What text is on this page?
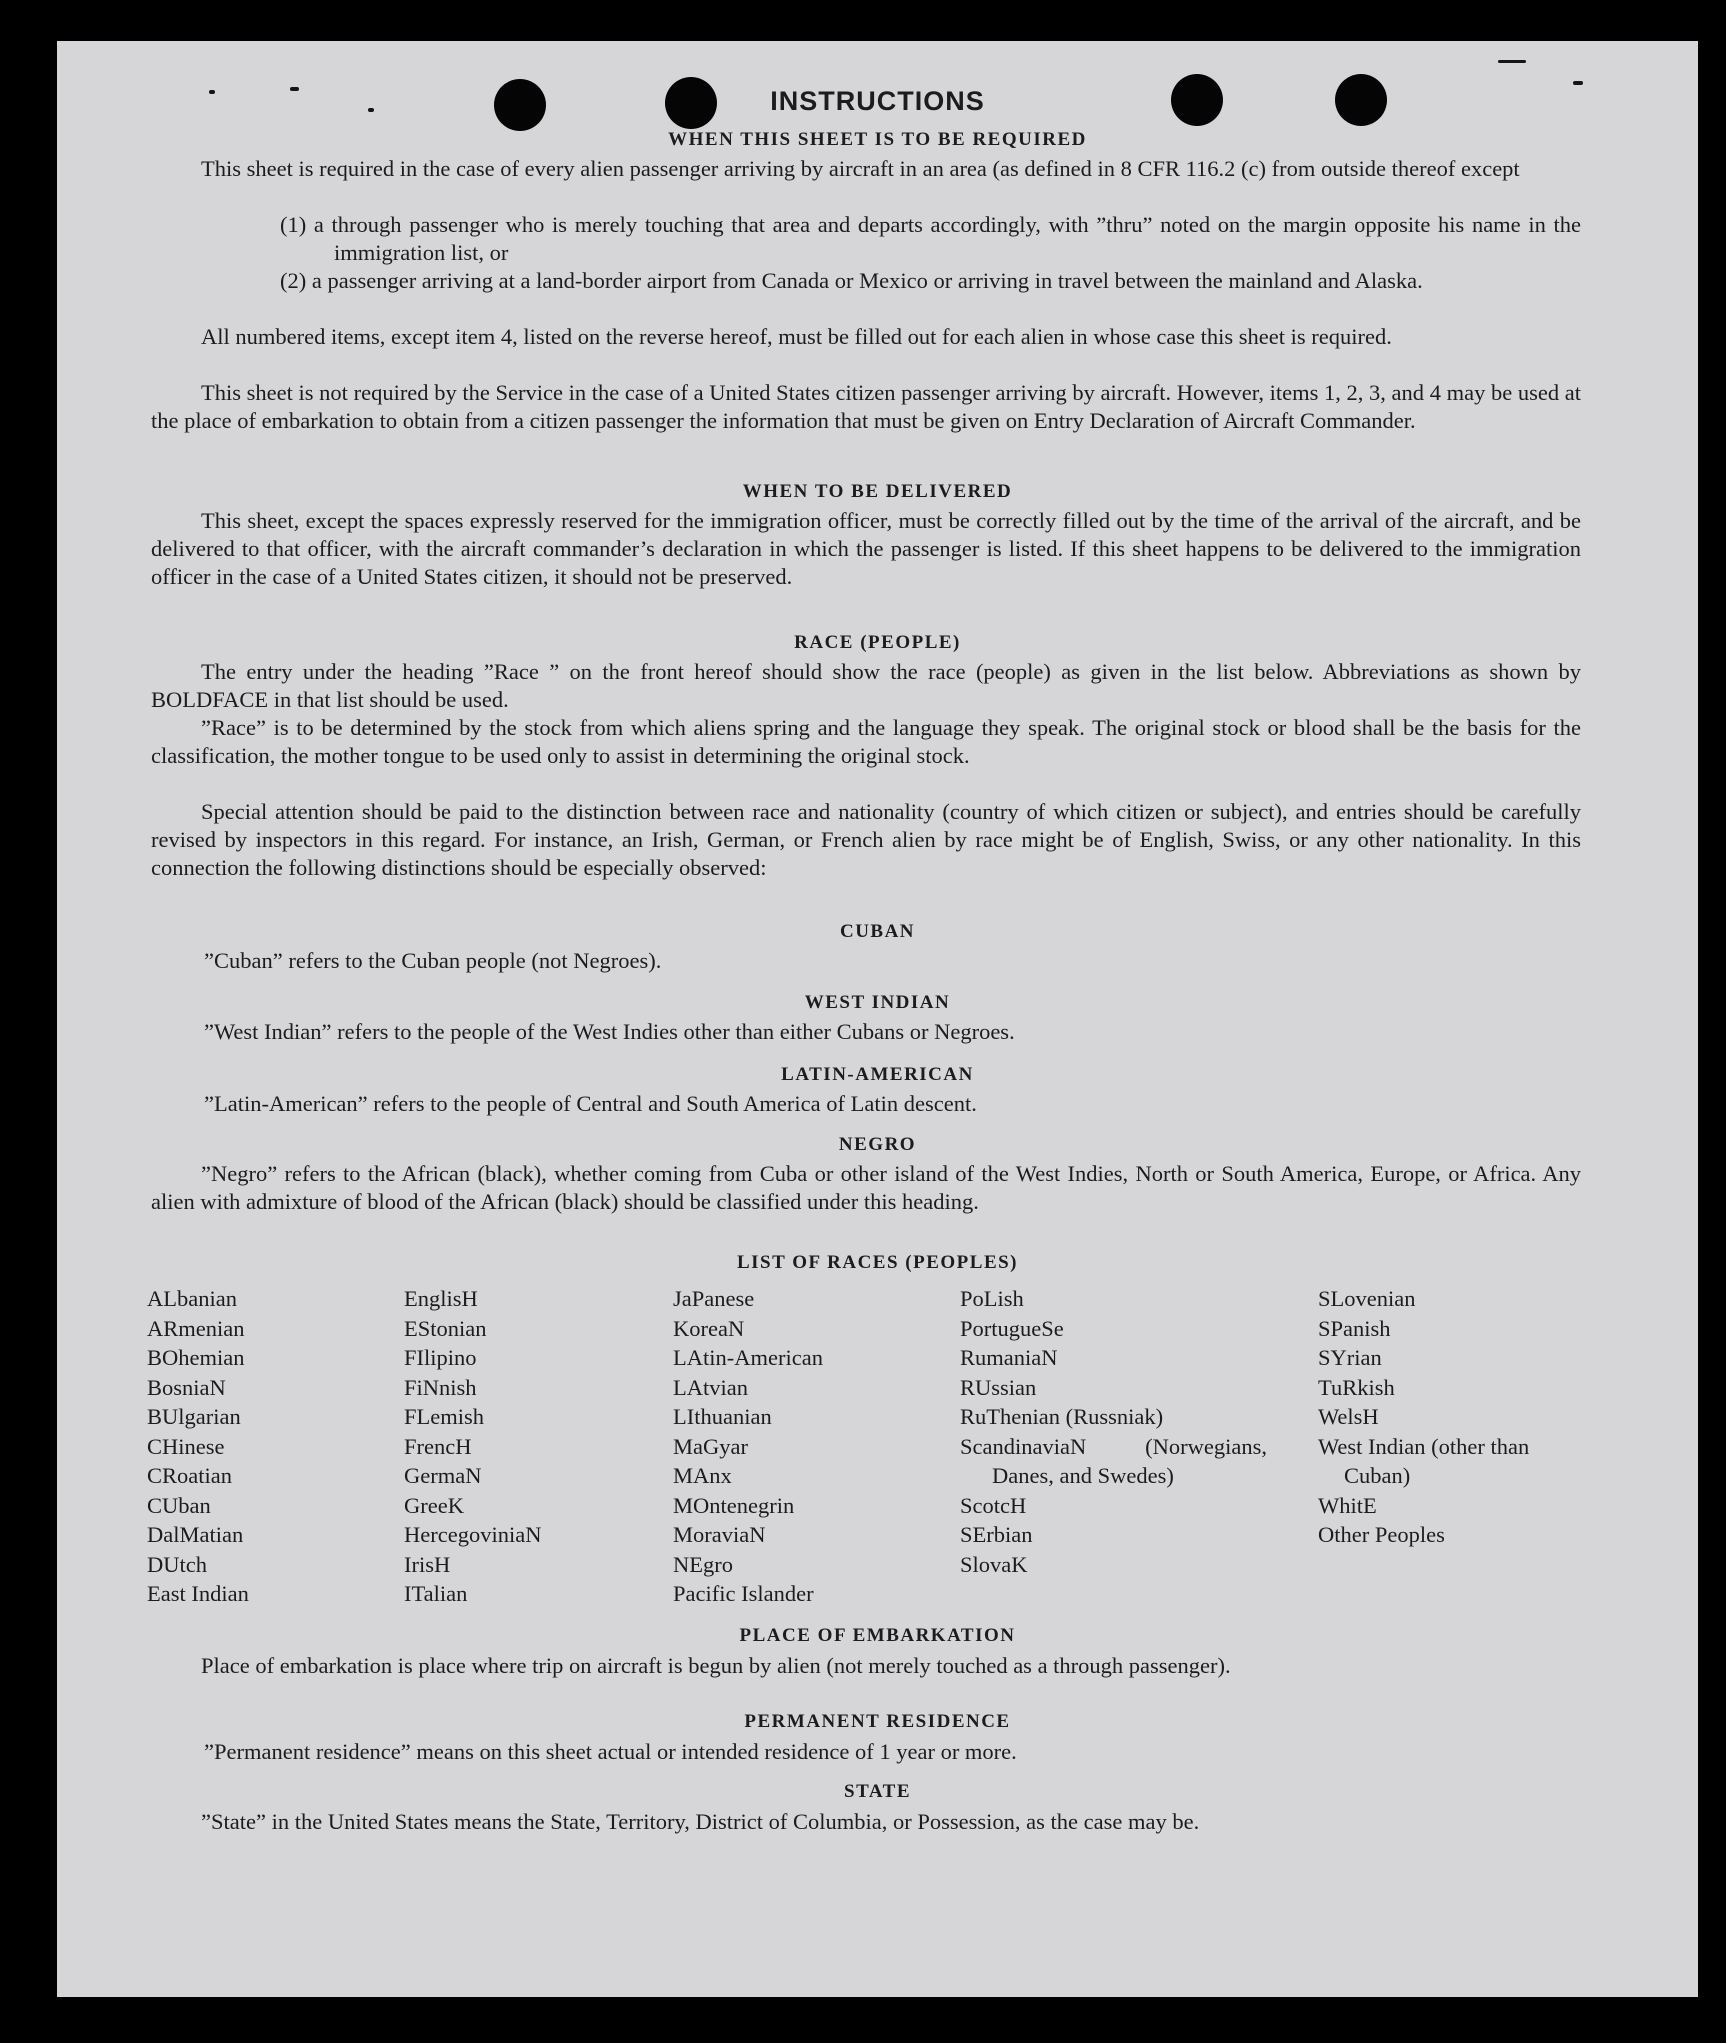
INSTRUCTIONS
WHEN THIS SHEET IS TO BE REQUIRED
This sheet is required in the case of every alien passenger arriving by aircraft in an area (as defined in 8 CFR 116.2 (c) from outside thereof except
(1) a through passenger who is merely touching that area and departs accordingly, with ”thru” noted on the margin opposite his name in the immigration list, or
(2) a passenger arriving at a land-border airport from Canada or Mexico or arriving in travel between the mainland and Alaska.
All numbered items, except item 4, listed on the reverse hereof, must be filled out for each alien in whose case this sheet is required.
This sheet is not required by the Service in the case of a United States citizen passenger arriving by aircraft. However, items 1, 2, 3, and 4 may be used at the place of embarkation to obtain from a citizen passenger the information that must be given on Entry Declaration of Aircraft Commander.
WHEN TO BE DELIVERED
This sheet, except the spaces expressly reserved for the immigration officer, must be correctly filled out by the time of the arrival of the aircraft, and be delivered to that officer, with the aircraft commander’s declaration in which the passenger is listed. If this sheet happens to be delivered to the immigration officer in the case of a United States citizen, it should not be preserved.
RACE (PEOPLE)
The entry under the heading ”Race ” on the front hereof should show the race (people) as given in the list below. Abbreviations as shown by BOLDFACE in that list should be used.
”Race” is to be determined by the stock from which aliens spring and the language they speak. The original stock or blood shall be the basis for the classification, the mother tongue to be used only to assist in determining the original stock.
Special attention should be paid to the distinction between race and nationality (country of which citizen or subject), and entries should be carefully revised by inspectors in this regard. For instance, an Irish, German, or French alien by race might be of English, Swiss, or any other nationality. In this connection the following distinctions should be especially observed:
CUBAN
”Cuban” refers to the Cuban people (not Negroes).
WEST INDIAN
”West Indian” refers to the people of the West Indies other than either Cubans or Negroes.
LATIN-AMERICAN
”Latin-American” refers to the people of Central and South America of Latin descent.
NEGRO
”Negro” refers to the African (black), whether coming from Cuba or other island of the West Indies, North or South America, Europe, or Africa. Any alien with admixture of blood of the African (black) should be classified under this heading.
LIST OF RACES (PEOPLES)
ALbanian
ARmenian
BOhemian
BosniaN
BUlgarian
CHinese
CRoatian
CUban
DalMatian
DUtch
East Indian
EnglisH
EStonian
FIlipino
FiNnish
FLemish
FrencH
GermaN
GreeK
HercegoviniaN
IrisH
ITalian
JaPanese
KoreaN
LAtin-American
LAtvian
LIthuanian
MaGyar
MAnx
MOntenegrin
MoraviaN
NEgro
Pacific Islander
PoLish
PortugueSe
RumaniaN
RUssian
RuThenian (Russniak)
ScandinaviaN (Norwegians, Danes, and Swedes)
ScotcH
SErbian
SlovaK
SLovenian
SPanish
SYrian
TuRkish
WelsH
West Indian (other than Cuban)
WhitE
Other Peoples
PLACE OF EMBARKATION
Place of embarkation is place where trip on aircraft is begun by alien (not merely touched as a through passenger).
PERMANENT RESIDENCE
”Permanent residence” means on this sheet actual or intended residence of 1 year or more.
STATE
”State” in the United States means the State, Territory, District of Columbia, or Possession, as the case may be.
